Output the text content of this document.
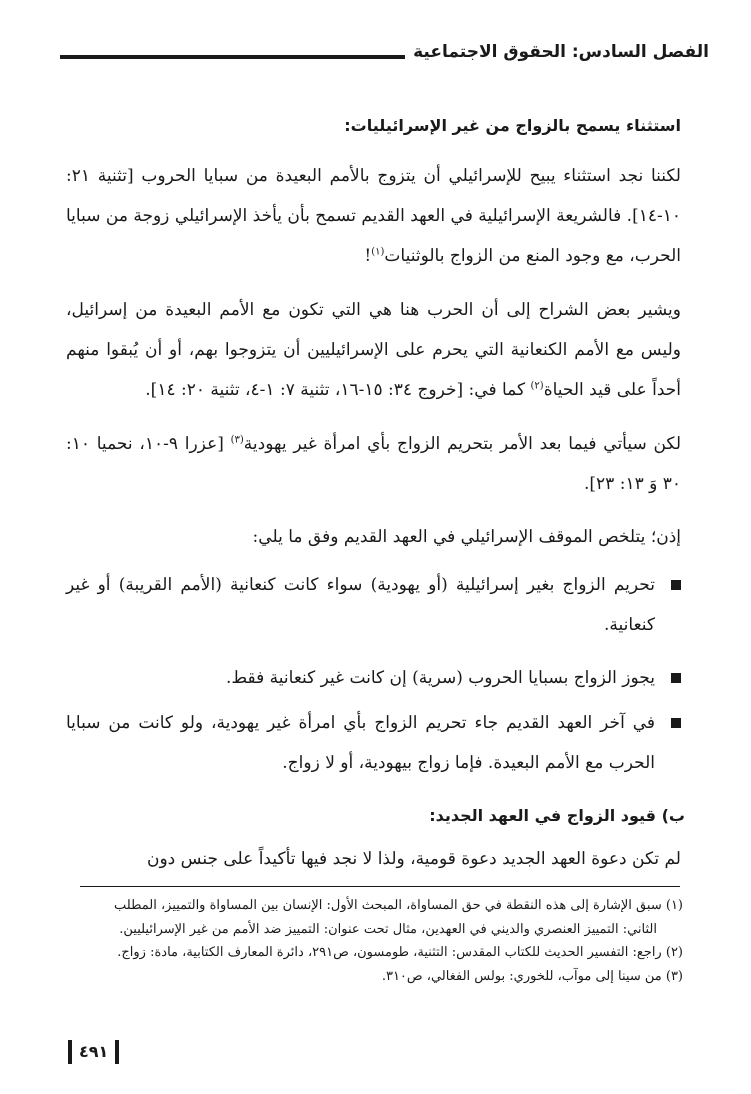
الفصل السادس: الحقوق الاجتماعية
استثناء يسمح بالزواج من غير الإسرائيليات:

لكننا نجد استثناء يبيح للإسرائيلي أن يتزوج بالأمم البعيدة من سبايا الحروب [تثنية ٢١: ١٠-١٤]. فالشريعة الإسرائيلية في العهد القديم تسمح بأن يأخذ الإسرائيلي زوجة من سبايا الحرب، مع وجود المنع من الزواج بالوثنيات$^{(١)}$!

ويشير بعض الشراح إلى أن الحرب هنا هي التي تكون مع الأمم البعيدة من إسرائيل، وليس مع الأمم الكنعانية التي يحرم على الإسرائيليين أن يتزوجوا بهم، أو أن يُبقوا منهم أحداً على قيد الحياة$^{(٢)}$ كما في: [خروج ٣٤: ١٥-١٦، تثنية ٧: ١-٤، تثنية ٢٠: ١٤].

لكن سيأتي فيما بعد الأمر بتحريم الزواج بأي امرأة غير يهودية$^{(٣)}$ [عزرا ٩-١٠، نحميا ١٠: ٣٠ وَ ١٣: ٢٣].

إذن؛ يتلخص الموقف الإسرائيلي في العهد القديم وفق ما يلي:

تحريم الزواج بغير إسرائيلية (أو يهودية) سواء كانت كنعانية (الأمم القريبة) أو غير كنعانية.
يجوز الزواج بسبايا الحروب (سرية) إن كانت غير كنعانية فقط.
في آخر العهد القديم جاء تحريم الزواج بأي امرأة غير يهودية، ولو كانت من سبايا الحرب مع الأمم البعيدة. فإما زواج بيهودية، أو لا زواج.
ب) قيود الزواج في العهد الجديد:

لم تكن دعوة العهد الجديد دعوة قومية، ولذا لا نجد فيها تأكيداً على جنس دون

(١) سبق الإشارة إلى هذه النقطة في حق المساواة، المبحث الأول: الإنسان بين المساواة والتمييز، المطلب

الثاني: التمييز العنصري والديني في العهدين، مثال تحت عنوان: التمييز ضد الأمم من غير الإسرائيليين.

(٢) راجع: التفسير الحديث للكتاب المقدس: التثنية، طومسون، ص٢٩١، دائرة المعارف الكتابية، مادة: زواج.

(٣) من سينا إلى موآب، للخوري: بولس الفغالي، ص٣١٠.

٤٩١
